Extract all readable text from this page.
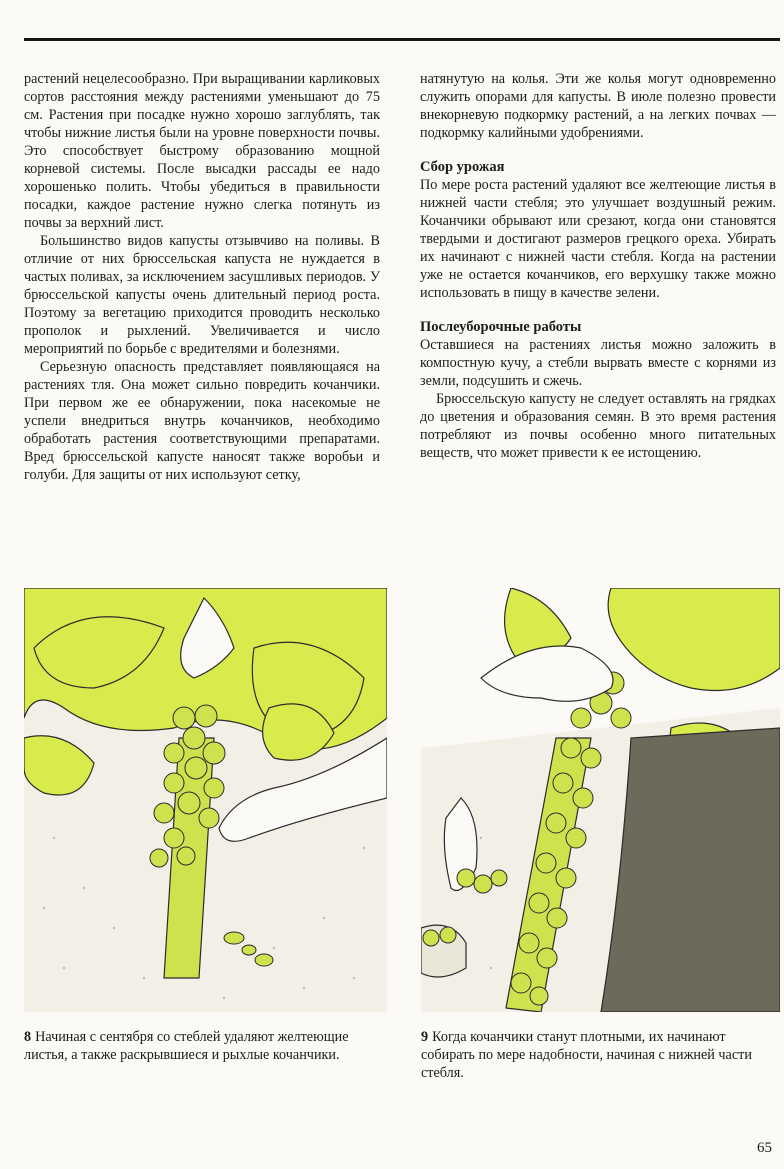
растений нецелесообразно. При выращивании карликовых сортов расстояния между растениями уменьшают до 75 см. Растения при посадке нужно хорошо заглублять, так чтобы нижние листья были на уровне поверхности почвы. Это способствует быстрому образованию мощной корневой системы. После высадки рассады ее надо хорошенько полить. Чтобы убедиться в правильности посадки, каждое растение нужно слегка потянуть из почвы за верхний лист.

Большинство видов капусты отзывчиво на поливы. В отличие от них брюссельская капуста не нуждается в частых поливах, за исключением засушливых периодов. У брюссельской капусты очень длительный период роста. Поэтому за вегетацию приходится проводить несколько прополок и рыхлений. Увеличивается и число мероприятий по борьбе с вредителями и болезнями.

Серьезную опасность представляет появляющаяся на растениях тля. Она может сильно повредить кочанчики. При первом же ее обнаружении, пока насекомые не успели внедриться внутрь кочанчиков, необходимо обработать растения соответствующими препаратами. Вред брюссельской капусте наносят также воробьи и голуби. Для защиты от них используют сетку,

натянутую на колья. Эти же колья могут одновременно служить опорами для капусты. В июле полезно провести внекорневую подкормку растений, а на легких почвах — подкормку калийными удобрениями.

Сбор урожая

По мере роста растений удаляют все желтеющие листья в нижней части стебля; это улучшает воздушный режим. Кочанчики обрывают или срезают, когда они становятся твердыми и достигают размеров грецкого ореха. Убирать их начинают с нижней части стебля. Когда на растении уже не остается кочанчиков, его верхушку также можно использовать в пищу в качестве зелени.

Послеуборочные работы

Оставшиеся на растениях листья можно заложить в компостную кучу, а стебли вырвать вместе с корнями из земли, подсушить и сжечь.

Брюссельскую капусту не следует оставлять на грядках до цветения и образования семян. В это время растения потребляют из почвы особенно много питательных веществ, что может привести к ее истощению.

8 Начиная с сентября со стеблей удаляют желтеющие листья, а также раскрывшиеся и рыхлые кочанчики.
9 Когда кочанчики станут плотными, их начинают собирать по мере надобности, начиная с нижней части стебля.
65
